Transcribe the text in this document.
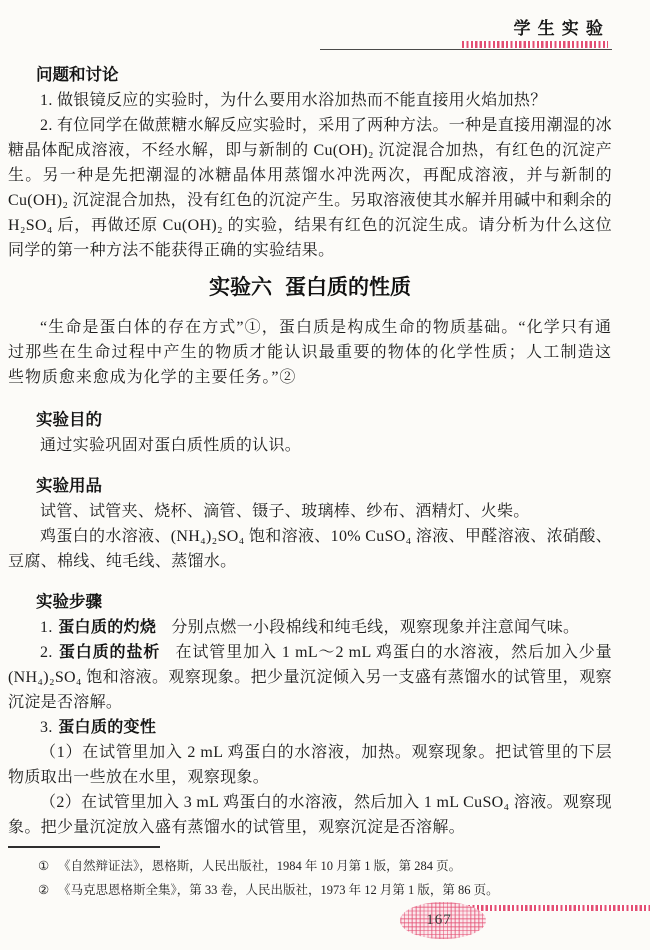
学生实验
问题和讨论

1. 做银镜反应的实验时，为什么要用水浴加热而不能直接用火焰加热？

2. 有位同学在做蔗糖水解反应实验时，采用了两种方法。一种是直接用潮湿的冰糖晶体配成溶液，不经水解，即与新制的 Cu(OH)₂ 沉淀混合加热，有红色的沉淀产生。另一种是先把潮湿的冰糖晶体用蒸馏水冲洗两次，再配成溶液，并与新制的 Cu(OH)₂ 沉淀混合加热，没有红色的沉淀产生。另取溶液使其水解并用碱中和剩余的 H₂SO₄ 后，再做还原 Cu(OH)₂ 的实验，结果有红色的沉淀生成。请分析为什么这位同学的第一种方法不能获得正确的实验结果。

实验六 蛋白质的性质

“生命是蛋白体的存在方式”①，蛋白质是构成生命的物质基础。“化学只有通过那些在生命过程中产生的物质才能认识最重要的物体的化学性质；人工制造这些物质愈来愈成为化学的主要任务。”②

实验目的

通过实验巩固对蛋白质性质的认识。

实验用品

试管、试管夹、烧杯、滴管、镊子、玻璃棒、纱布、酒精灯、火柴。

鸡蛋白的水溶液、(NH₄)₂SO₄ 饱和溶液、10% CuSO₄ 溶液、甲醛溶液、浓硝酸、豆腐、棉线、纯毛线、蒸馏水。

实验步骤

1. 蛋白质的灼烧 分别点燃一小段棉线和纯毛线，观察现象并注意闻气味。

2. 蛋白质的盐析 在试管里加入 1 mL～2 mL 鸡蛋白的水溶液，然后加入少量 (NH₄)₂SO₄ 饱和溶液。观察现象。把少量沉淀倾入另一支盛有蒸馏水的试管里，观察沉淀是否溶解。

3. 蛋白质的变性

（1）在试管里加入 2 mL 鸡蛋白的水溶液，加热。观察现象。把试管里的下层物质取出一些放在水里，观察现象。

（2）在试管里加入 3 mL 鸡蛋白的水溶液，然后加入 1 mL CuSO₄ 溶液。观察现象。把少量沉淀放入盛有蒸馏水的试管里，观察沉淀是否溶解。

① 《自然辩证法》，恩格斯，人民出版社，1984 年 10 月第 1 版，第 284 页。

② 《马克思恩格斯全集》，第 33 卷，人民出版社，1973 年 12 月第 1 版，第 86 页。

167
